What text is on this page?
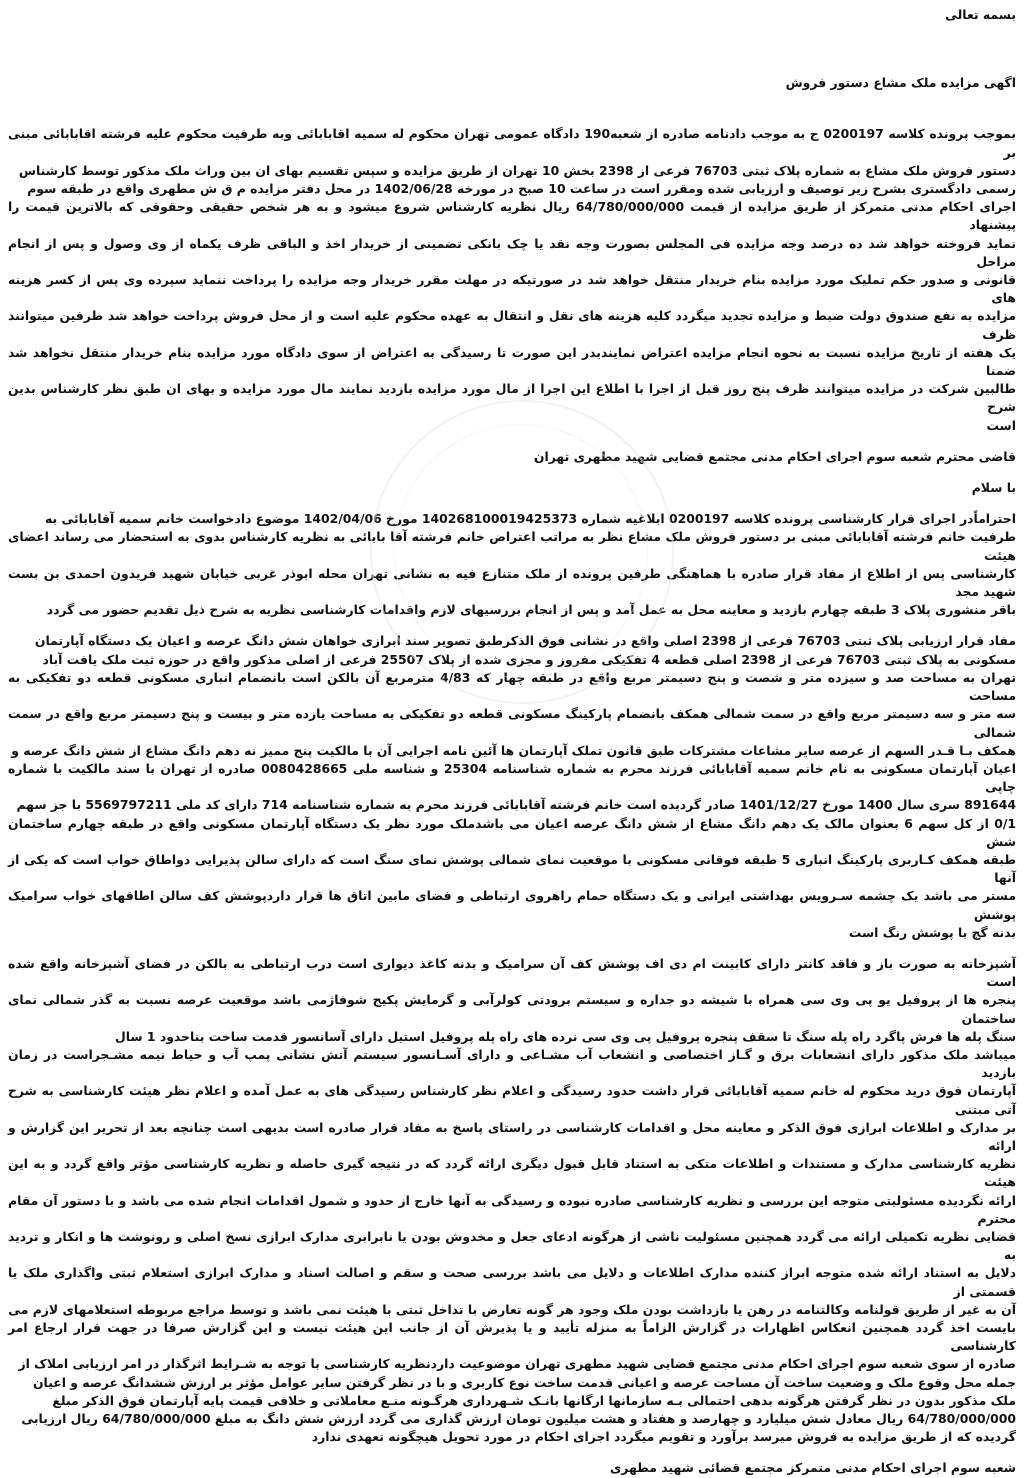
بسمه تعالی
اگهی مزایده ملک مشاع دستور فروش
بموجب پرونده کلاسه 0200197 ج به موجب دادنامه صادره از شعبه190 دادگاه عمومی تهران محکوم له سمیه اقابابائی وبه طرفیت محکوم علیه فرشته اقابابائی مبنی بر
دستور فروش ملک مشاع به شماره پلاک ثبتی 76703 فرعی از 2398 بخش 10 تهران از طریق مزایده و سپس تقسیم بهای ان بین وراث ملک مذکور توسط کارشناس
رسمی دادگستری بشرح زیر توصیف و ارزیابی شده ومقرر است در ساعت 10 صبح در مورخه 1402/06/28 در محل دفتر مزایده م ق ش مطهری واقع در طبقه سوم
اجرای احکام مدنی متمرکز از طریق مزایده از قیمت 64/780/000/000 ریال نظریه کارشناس شروع میشود و به هر شخص حقیقی وحقوقی که بالاترین قیمت را پیشنهاد
نماید فروخته خواهد شد ده درصد وجه مزایده فی المجلس بصورت وجه نقد یا چک بانکی تضمینی از خریدار اخذ و الباقی ظرف یکماه از وی وصول و پس از انجام مراحل
قانونی و صدور حکم تملیک مورد مزایده بنام خریدار منتقل خواهد شد در صورتیکه در مهلت مقرر خریدار وجه مزایده را پرداخت ننماید سپرده وی پس از کسر هزینه های
مزایده به نفع صندوق دولت ضبط و مزایده تجدید میگردد کلیه هزینه های نقل و انتقال به عهده محکوم علیه است و از محل فروش پرداخت خواهد شد طرفین میتوانند ظرف
یک هفته از تاریخ مزایده نسبت به نحوه انجام مزایده اعتراض نمایندیدر این صورت تا رسیدگی به اعتراض از سوی دادگاه مورد مزایده بنام خریدار منتقل نخواهد شد ضمنا
طالبین شرکت در مزایده میتوانند ظرف پنج روز قبل از اجرا با اطلاع این اجرا از مال مورد مزایده بازدید نمایند مال مورد مزایده و بهای ان طبق نظر کارشناس بدین شرح
است
قاضی محترم شعبه سوم اجرای احکام مدنی مجتمع قضایی شهید مطهری تهران
با سلام
احتراماًدر اجرای قرار کارشناسی پرونده کلاسه 0200197 ابلاغیه شماره 140268100019425373 مورخ 1402/04/06 موضوع دادخواست خانم سمیه آقابابائی به
طرفیت خانم فرشته آقابابائی مبنی بر دستور فروش ملک مشاع نظر به مراتب اعتراض خانم فرشته آقا بابائی به نظریه کارشناس بدوی به استحضار می رساند اعضای هیئت
کارشناسی پس از اطلاع از مفاد قرار صادره با هماهنگی طرفین پرونده از ملک متنازع فیه به نشانی تهران محله ابوذر غربی خیابان شهید فریدون احمدی بن بست شهید مجد
باقر منشوری پلاک 3 طبقه چهارم بازدید و معاینه محل به عمل آمد و پس از انجام بررسیهای لازم واقدامات کارشناسی نظریه به شرح ذیل تقدیم حضور می گردد
مفاد قرار ارزیابی پلاک ثبتی 76703 فرعی از 2398 اصلی واقع در نشانی فوق الذکرطبق تصویر سند ابرازی خواهان شش دانگ عرصه و اعیان یک دستگاه آپارتمان
مسکونی به پلاک ثبتی 76703 فرعی از 2398 اصلی قطعه 4 تفکیکی مفروز و مجزی شده از پلاک 25507 فرعی از اصلی مذکور واقع در حوزه ثبت ملک یافت آباد
تهران به مساحت صد و سیزده متر و شصت و پنج دسیمتر مربع واقع در طبقه چهار که 4/83 مترمربع آن بالکن است بانضمام انباری مسکونی قطعه دو تفکیکی به مساحت
سه متر و سه دسیمتر مربع واقع در سمت شمالی همکف بانضمام پارکینگ مسکونی قطعه دو تفکیکی به مساحت یازده متر و بیست و پنج دسیمتر مربع واقع در سمت شمالی
همکف بـا قـدر السهم از عرصه سایر مشاعات مشترکات طبق قانون تملک آپارتمان ها آئین نامه اجرایی آن با مالکیت پنج ممیز نه دهم دانگ مشاع از شش دانگ عرصه و
اعیان آپارتمان مسکونی به نام خانم سمیه آقابابائی فرزند محرم به شماره شناسنامه 25304 و شناسه ملی 0080428665 صادره از تهران با سند مالکیت با شماره چاپی
891644 سری سال 1400 مورخ 1401/12/27 صادر گردیده است خانم فرشته آقابابائی فرزند محرم به شماره شناسنامه 714 دارای کد ملی 5569797211 با جز سهم
0/1 از کل سهم 6 بعنوان مالک یک دهم دانگ مشاع از شش دانگ عرصه اعیان می باشدملک مورد نظر یک دستگاه آپارتمان مسکونی واقع در طبقه چهارم ساختمان شش
طبقه همکف کـاربری پارکینگ انباری 5 طبقه فوقانی مسکونی با موقعیت نمای شمالی پوشش نمای سنگ است که دارای سالن پذیرایی دواطاق خواب است که یکی از آنها
مستر می باشد یک چشمه سـرویس بهداشتی ایرانی و یک دستگاه حمام راهروی ارتباطی و فضای مابین اتاق ها قرار داردپوشش کف سالن اطاقهای خواب سرامیک پوشش
بدنه گچ با پوشش رنگ است
آشپزخانه به صورت باز و فاقد کانتر دارای کابینت ام دی اف پوشش کف آن سرامیک و بدنه کاغذ دیواری است درب ارتباطی به بالکن در فضای آشپزخانه واقع شده است
پنجره ها از پروفیل یو پی وی سی همراه با شیشه دو جداره و سیستم برودتی کولرآبی و گرمایش پکیج شوفاژمی باشد موقعیت عرصه نسبت به گذر شمالی نمای ساختمان
سنگ پله ها فرش پاگرد راه پله سنگ تا سقف پنجره پروفیل پی وی سی نرده های راه پله پروفیل استیل دارای آسانسور قدمت ساخت بناحدود 1 سال
میباشد ملک مذکور دارای انشعابات برق و گـاز اختصاصی و انشعاب آب مشـاعی و دارای آسـانسور سیستم آتش نشانی پمپ آب و حیاط نیمه مشـجراست در زمان بازدید
آپارتمان فوق درید محکوم له خانم سمیه آقابابائی قرار داشت حدود رسیدگی و اعلام نظر کارشناس رسیدگی های به عمل آمده و اعلام نظر هیئت کارشناسی به شرح آتی مبتنی
بر مدارک و اطلاعات ابرازی فوق الذکر و معاینه محل و اقدامات کارشناسی در راستای پاسخ به مفاد قرار صادره است بدیهی است چنانچه بعد از تحریر این گزارش و ارائه
نظریه کارشناسی مدارک و مستندات و اطلاعات متکی به استناد قابل قبول دیگری ارائه گردد که در نتیجه گیری حاصله و نظریه کارشناسی مؤثر واقع گردد و به این هیئت
ارائه نگردیده مسئولیتی متوجه این بررسی و نظریه کارشناسی صادره نبوده و رسیدگی به آنها خارج از حدود و شمول اقدامات انجام شده می باشد و با دستور آن مقام محترم
قضایی نظریه تکمیلی ارائه می گردد همچنین مسئولیت ناشی از هرگونه ادعای جعل و مخدوش بودن یا نابرابری مدارک ابرازی نسخ اصلی و رونوشت ها و انکار و تردید به
دلایل به استناد ارائه شده متوجه ابراز کننده مدارک اطلاعات و دلایل می باشد بررسی صحت و سقم و اصالت اسناد و مدارک ابرازی استعلام ثبتی واگذاری ملک یا قسمتی از
آن به غیر از طریق قولنامه وکالتنامه در رهن یا بازداشت بودن ملک وجود هر گونه تعارض با تداخل ثبتی با هیئت نمی باشد و توسط مراجع مربوطه استعلامهای لازم می
بایست اخذ گردد همچنین انعکاس اظهارات در گزارش الزاماً به منزله تأیید و یا پذیرش آن از جانب این هیئت نیست و این گزارش صرفا در جهت قرار ارجاع امر کارشناسی
صادره از سوی شعبه سوم اجرای احکام مدنی مجتمع قضایی شهید مطهری تهران موضوعیت داردنظریه کارشناسی با توجه به شـرایط اثرگذار در امر ارزیابی املاک از
جمله محل وقوع ملک و وضعیت ساخت آن مساحت عرصه و اعیانی قدمت ساخت نوع کاربری و با در نظر گرفتن سایر عوامل مؤثر بر ارزش ششدانگ عرصه و اعیان
ملک مذکور بدون در نظر گرفتن هرگونه بدهی احتمالی بـه سازمانها ارگانها بانـک شـهرداری هرگـونه منـع معاملاتی و خلافی قیمت پایه آپارتمان فوق الذکر مبلغ
64/780/000/000 ریال معادل شش میلیارد و چهارصد و هفتاد و هشت میلیون تومان ارزش گذاری می گردد ارزش شش دانگ به مبلغ 64/780/000/000 ریال ارزیابی
گردیده که از طریق مزایده به فروش میرسد برآورد و تقویم میگردد اجرای احکام در مورد تحویل هیچگونه تعهدی ندارد
شعبه سوم اجرای احکام مدنی متمرکز مجتمع قضائی شهید مطهری
